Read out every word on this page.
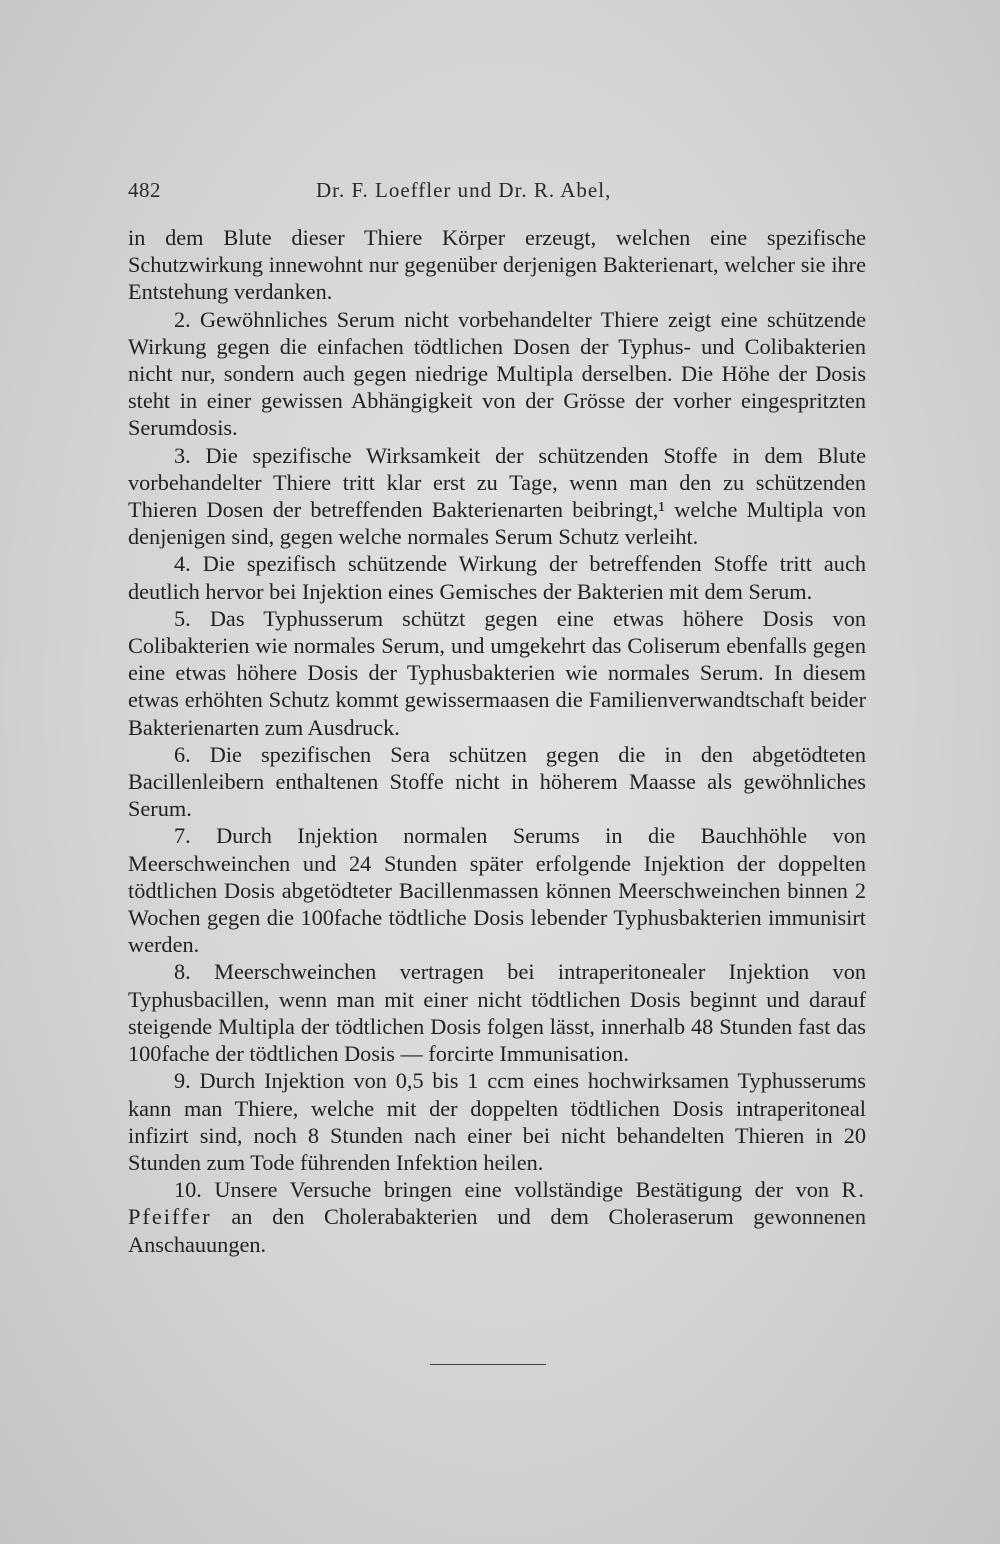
482	Dr. F. Loeffler und Dr. R. Abel,

in dem Blute dieser Thiere Körper erzeugt, welchen eine spezifische Schutzwirkung innewohnt nur gegenüber derjenigen Bakterienart, welcher sie ihre Entstehung verdanken.

2. Gewöhnliches Serum nicht vorbehandelter Thiere zeigt eine schützende Wirkung gegen die einfachen tödtlichen Dosen der Typhus- und Colibakterien nicht nur, sondern auch gegen niedrige Multipla derselben. Die Höhe der Dosis steht in einer gewissen Abhängigkeit von der Grösse der vorher eingespritzten Serumdosis.

3. Die spezifische Wirksamkeit der schützenden Stoffe in dem Blute vorbehandelter Thiere tritt klar erst zu Tage, wenn man den zu schützenden Thieren Dosen der betreffenden Bakterienarten beibringt,¹ welche Multipla von denjenigen sind, gegen welche normales Serum Schutz verleiht.

4. Die spezifisch schützende Wirkung der betreffenden Stoffe tritt auch deutlich hervor bei Injektion eines Gemisches der Bakterien mit dem Serum.

5. Das Typhusserum schützt gegen eine etwas höhere Dosis von Colibakterien wie normales Serum, und umgekehrt das Coliserum ebenfalls gegen eine etwas höhere Dosis der Typhusbakterien wie normales Serum. In diesem etwas erhöhten Schutz kommt gewissermaasen die Familienverwandtschaft beider Bakterienarten zum Ausdruck.

6. Die spezifischen Sera schützen gegen die in den abgetödteten Bacillenleibern enthaltenen Stoffe nicht in höherem Maasse als gewöhnliches Serum.

7. Durch Injektion normalen Serums in die Bauchhöhle von Meerschweinchen und 24 Stunden später erfolgende Injektion der doppelten tödtlichen Dosis abgetödteter Bacillenmassen können Meerschweinchen binnen 2 Wochen gegen die 100fache tödtliche Dosis lebender Typhusbakterien immunisirt werden.

8. Meerschweinchen vertragen bei intraperitonealer Injektion von Typhusbacillen, wenn man mit einer nicht tödtlichen Dosis beginnt und darauf steigende Multipla der tödtlichen Dosis folgen lässt, innerhalb 48 Stunden fast das 100fache der tödtlichen Dosis — forcirte Immunisation.

9. Durch Injektion von 0,5 bis 1 ccm eines hochwirksamen Typhusserums kann man Thiere, welche mit der doppelten tödtlichen Dosis intraperitoneal infizirt sind, noch 8 Stunden nach einer bei nicht behandelten Thieren in 20 Stunden zum Tode führenden Infektion heilen.

10. Unsere Versuche bringen eine vollständige Bestätigung der von R. Pfeiffer an den Cholerabakterien und dem Choleraserum gewonnenen Anschauungen.
